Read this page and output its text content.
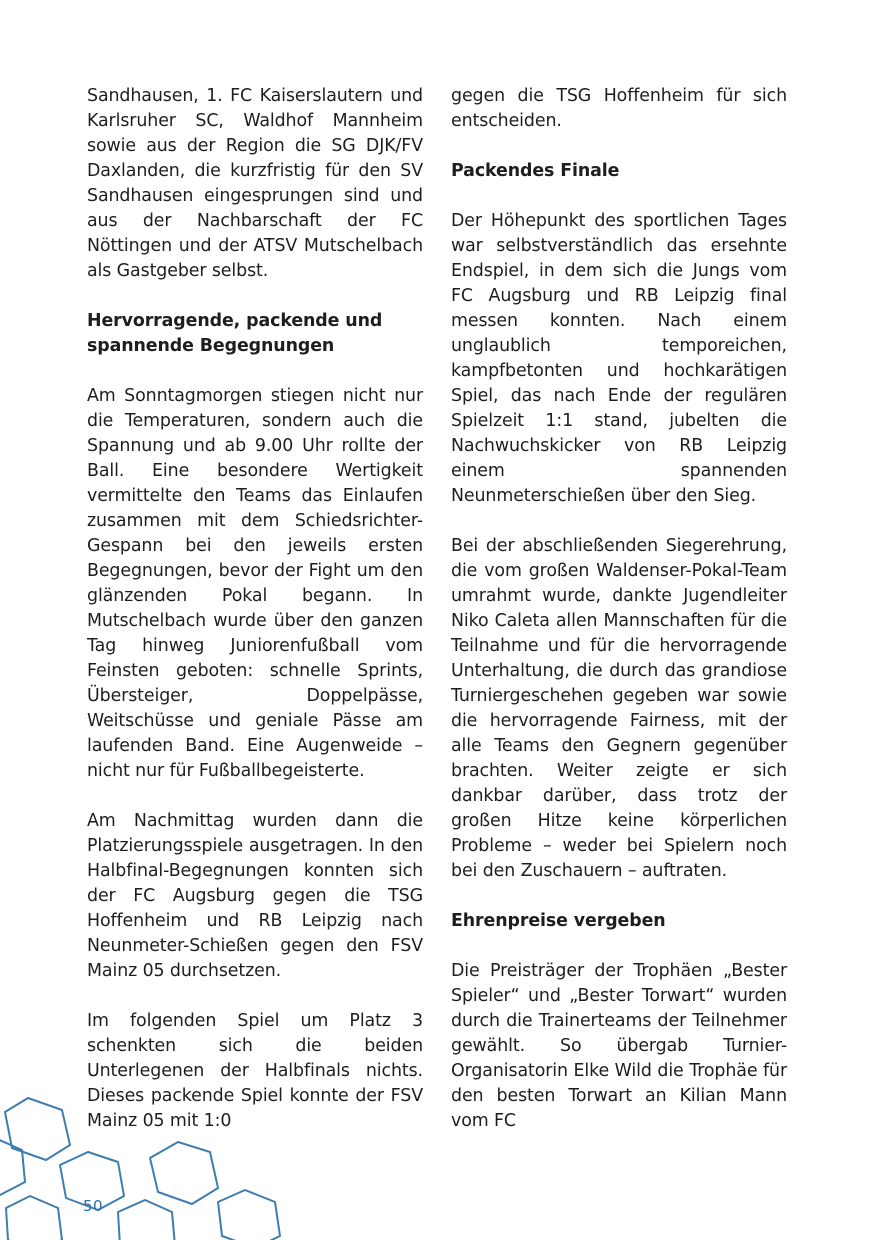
Sandhausen, 1. FC Kaiserslautern und Karlsruher SC, Waldhof Mannheim sowie aus der Region die SG DJK/FV Daxlanden, die kurzfristig für den SV Sandhausen eingesprungen sind und aus der Nachbarschaft der FC Nöttingen und der ATSV Mutschelbach als Gastgeber selbst.

Hervorragende, packende und spannende Begegnungen

Am Sonntagmorgen stiegen nicht nur die Temperaturen, sondern auch die Spannung und ab 9.00 Uhr rollte der Ball. Eine besondere Wertigkeit vermittelte den Teams das Einlaufen zusammen mit dem Schiedsrichter-Gespann bei den jeweils ersten Begegnungen, bevor der Fight um den glänzenden Pokal begann. In Mutschelbach wurde über den ganzen Tag hinweg Juniorenfußball vom Feinsten geboten: schnelle Sprints, Übersteiger, Doppelpässe, Weitschüsse und geniale Pässe am laufenden Band. Eine Augenweide – nicht nur für Fußballbegeisterte.

Am Nachmittag wurden dann die Platzierungsspiele ausgetragen. In den Halbfinal-Begegnungen konnten sich der FC Augsburg gegen die TSG Hoffenheim und RB Leipzig nach Neunmeter-Schießen gegen den FSV Mainz 05 durchsetzen.

Im folgenden Spiel um Platz 3 schenkten sich die beiden Unterlegenen der Halbfinals nichts. Dieses packende Spiel konnte der FSV Mainz 05 mit 1:0

gegen die TSG Hoffenheim für sich entscheiden.

Packendes Finale

Der Höhepunkt des sportlichen Tages war selbstverständlich das ersehnte Endspiel, in dem sich die Jungs vom FC Augsburg und RB Leipzig final messen konnten. Nach einem unglaublich temporeichen, kampfbetonten und hochkarätigen Spiel, das nach Ende der regulären Spielzeit 1:1 stand, jubelten die Nachwuchskicker von RB Leipzig einem spannenden Neunmeterschießen über den Sieg.

Bei der abschließenden Siegerehrung, die vom großen Waldenser-Pokal-Team umrahmt wurde, dankte Jugendleiter Niko Caleta allen Mannschaften für die Teilnahme und für die hervorragende Unterhaltung, die durch das grandiose Turniergeschehen gegeben war sowie die hervorragende Fairness, mit der alle Teams den Gegnern gegenüber brachten. Weiter zeigte er sich dankbar darüber, dass trotz der großen Hitze keine körperlichen Probleme – weder bei Spielern noch bei den Zuschauern – auftraten.

Ehrenpreise vergeben

Die Preisträger der Trophäen „Bester Spieler“ und „Bester Torwart“ wurden durch die Trainerteams der Teilnehmer gewählt. So übergab Turnier-Organisatorin Elke Wild die Trophäe für den besten Torwart an Kilian Mann vom FC

50
